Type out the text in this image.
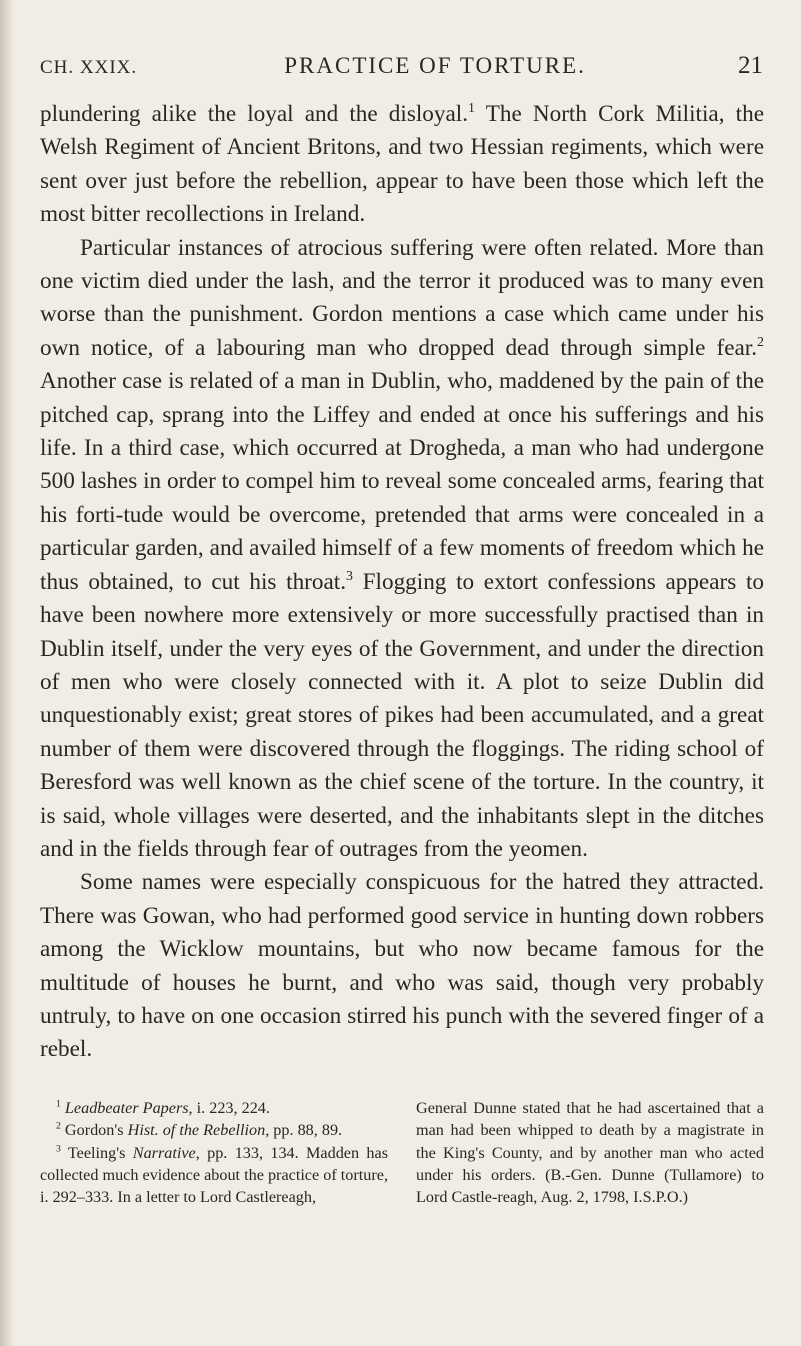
CH. XXIX.	PRACTICE OF TORTURE.	21

plundering alike the loyal and the disloyal.$^1$ The North Cork Militia, the Welsh Regiment of Ancient Britons, and two Hessian regiments, which were sent over just before the rebellion, appear to have been those which left the most bitter recollections in Ireland.

Particular instances of atrocious suffering were often related. More than one victim died under the lash, and the terror it produced was to many even worse than the punishment. Gordon mentions a case which came under his own notice, of a labouring man who dropped dead through simple fear.$^2$ Another case is related of a man in Dublin, who, maddened by the pain of the pitched cap, sprang into the Liffey and ended at once his sufferings and his life. In a third case, which occurred at Drogheda, a man who had undergone 500 lashes in order to compel him to reveal some concealed arms, fearing that his forti-tude would be overcome, pretended that arms were concealed in a particular garden, and availed himself of a few moments of freedom which he thus obtained, to cut his throat.$^3$ Flogging to extort confessions appears to have been nowhere more extensively or more successfully practised than in Dublin itself, under the very eyes of the Government, and under the direction of men who were closely connected with it. A plot to seize Dublin did unquestionably exist; great stores of pikes had been accumulated, and a great number of them were discovered through the floggings. The riding school of Beresford was well known as the chief scene of the torture. In the country, it is said, whole villages were deserted, and the inhabitants slept in the ditches and in the fields through fear of outrages from the yeomen.

Some names were especially conspicuous for the hatred they attracted. There was Gowan, who had performed good service in hunting down robbers among the Wicklow mountains, but who now became famous for the multitude of houses he burnt, and who was said, though very probably untruly, to have on one occasion stirred his punch with the severed finger of a rebel.

$^1$ Leadbeater Papers, i. 223, 224.

$^2$ Gordon's Hist. of the Rebellion, pp. 88, 89.

$^3$ Teeling's Narrative, pp. 133, 134. Madden has collected much evidence about the practice of torture, i. 292–333. In a letter to Lord Castlereagh,

General Dunne stated that he had ascertained that a man had been whipped to death by a magistrate in the King's County, and by another man who acted under his orders. (B.-Gen. Dunne (Tullamore) to Lord Castle-reagh, Aug. 2, 1798, I.S.P.O.)
